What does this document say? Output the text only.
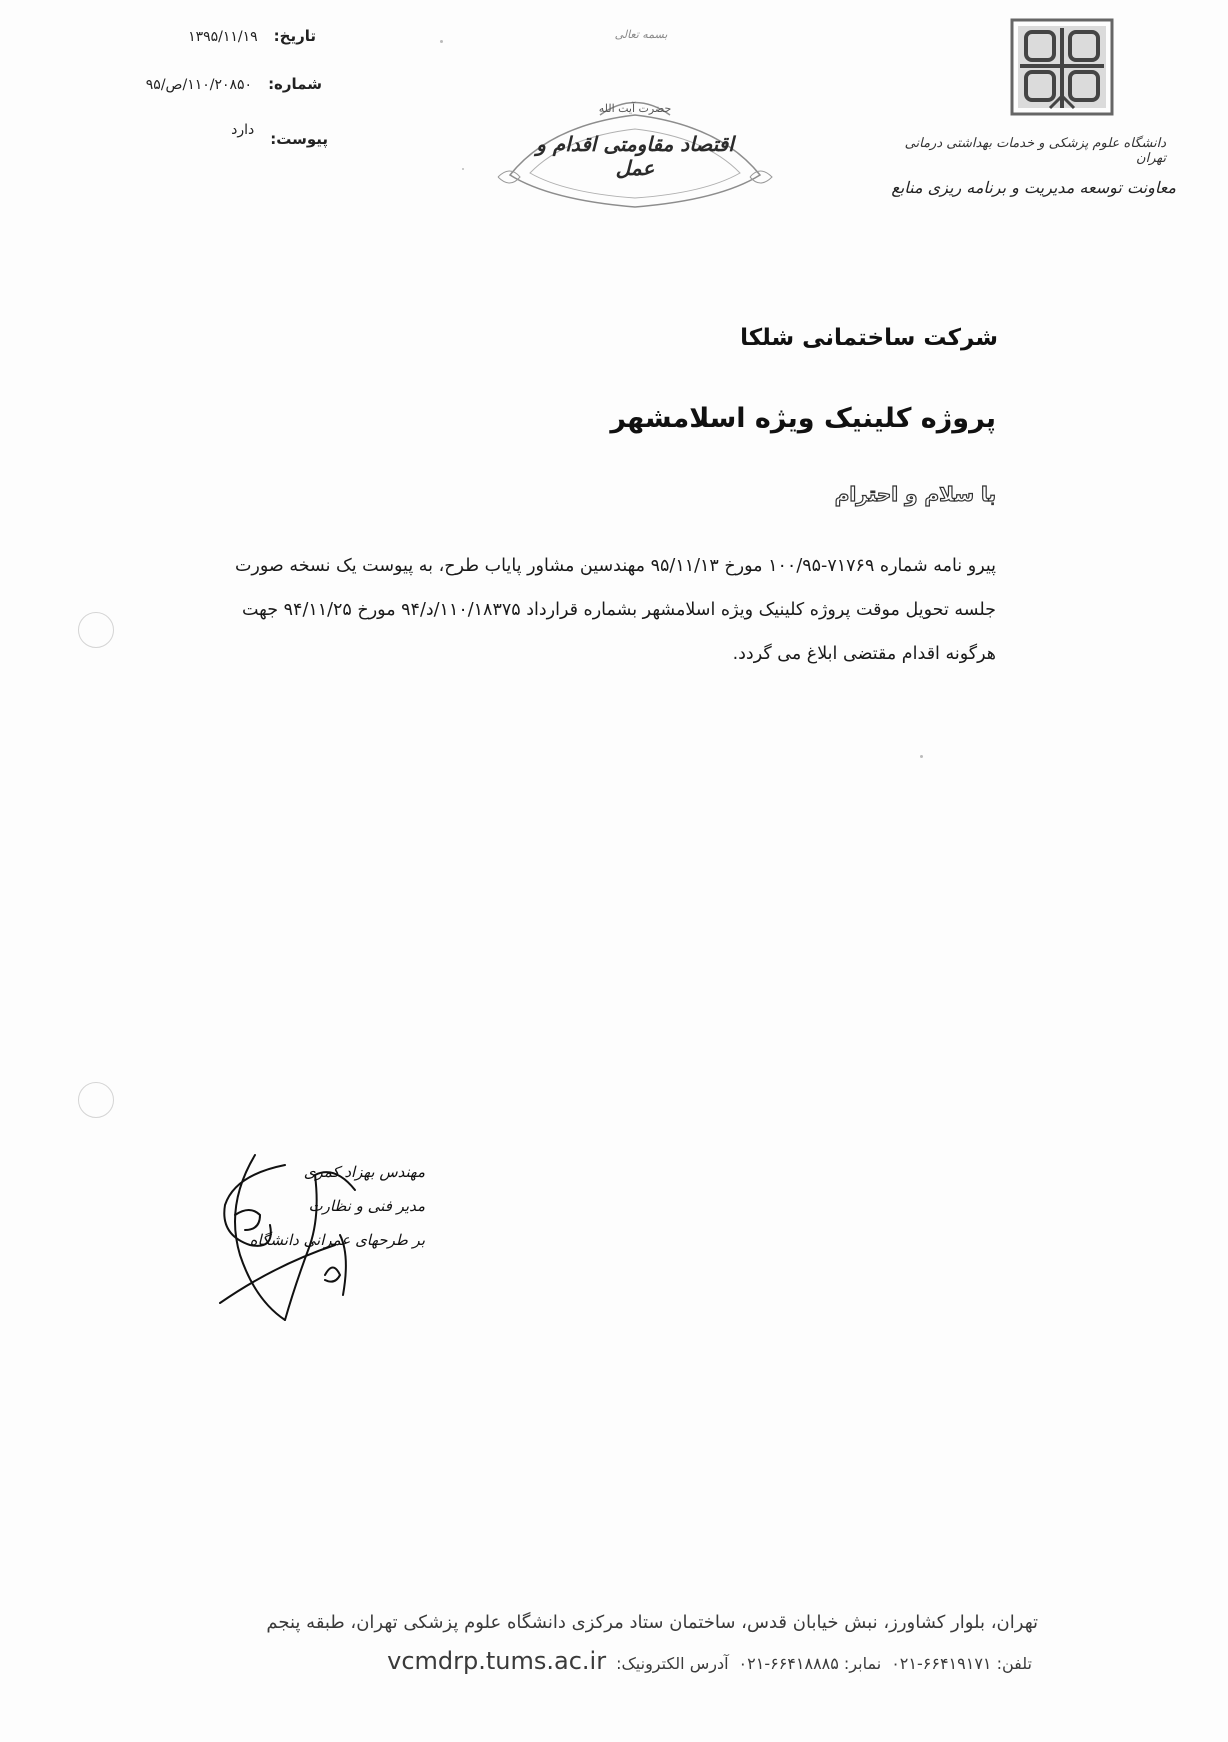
دانشگاه علوم پزشکی و خدمات بهداشتی درمانی تهران
معاونت توسعه مدیریت و برنامه ریزی منابع
بسمه تعالی
حضرت آیت الله
اقتصاد مقاومتی اقدام و عمل
تاریخ:
۱۳۹۵/۱۱/۱۹
شماره:
۱۱۰/۲۰۸۵۰/ص/۹۵
پیوست:
دارد
شرکت ساختمانی شلکا
پروژه کلینیک ویژه اسلامشهر
با سلام و احترام
پیرو نامه شماره ۷۱۷۶۹-۱۰۰/۹۵ مورخ ۹۵/۱۱/۱۳ مهندسین مشاور پایاب طرح، به پیوست یک نسخه صورت
جلسه تحویل موقت پروژه کلینیک ویژه اسلامشهر بشماره قرارداد ۱۱۰/۱۸۳۷۵/د/۹۴ مورخ ۹۴/۱۱/۲۵ جهت
هرگونه اقدام مقتضی ابلاغ می گردد.
مهندس بهزاد کمری
مدیر فنی و نظارت
بر طرحهای عمرانی دانشگاه
تهران، بلوار کشاورز، نبش خیابان قدس، ساختمان ستاد مرکزی دانشگاه علوم پزشکی تهران، طبقه پنجم
تلفن: ۶۶۴۱۹۱۷۱-۰۲۱
نمابر: ۶۶۴۱۸۸۸۵-۰۲۱
آدرس الکترونیک:
vcmdrp.tums.ac.ir
